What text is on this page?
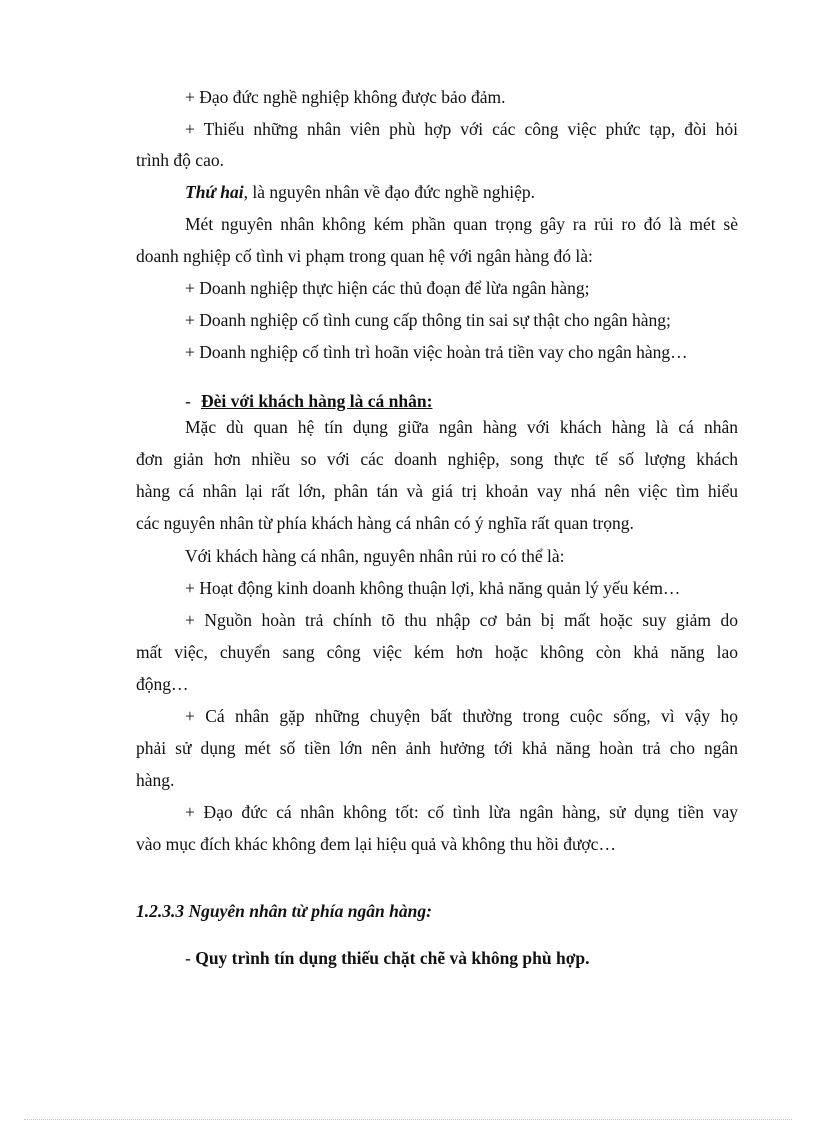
+ Đạo đức nghề nghiệp không được bảo đảm.
+ Thiếu những nhân viên phù hợp với các công việc phức tạp, đòi hỏi
trình độ cao.
Thứ hai, là nguyên nhân về đạo đức nghề nghiệp.
Mét nguyên nhân không kém phần quan trọng gây ra rủi ro đó là mét sè
doanh nghiệp cố tình vi phạm trong quan hệ với ngân hàng đó là:
+ Doanh nghiệp thực hiện các thủ đoạn để lừa ngân hàng;
+ Doanh nghiệp cố tình cung cấp thông tin sai sự thật cho ngân hàng;
+ Doanh nghiệp cố tình trì hoãn việc hoàn trả tiền vay cho ngân hàng…
- Đèi với khách hàng là cá nhân:
Mặc dù quan hệ tín dụng giữa ngân hàng với khách hàng là cá nhân
đơn giản hơn nhiều so với các doanh nghiệp, song thực tế số lượng khách
hàng cá nhân lại rất lớn, phân tán và giá trị khoản vay nhá nên việc tìm hiểu
các nguyên nhân từ phía khách hàng cá nhân có ý nghĩa rất quan trọng.
Với khách hàng cá nhân, nguyên nhân rủi ro có thể là:
+ Hoạt động kinh doanh không thuận lợi, khả năng quản lý yếu kém…
+ Nguồn hoàn trả chính tõ thu nhập cơ bản bị mất hoặc suy giảm do
mất việc, chuyển sang công việc kém hơn hoặc không còn khả năng lao
động…
+ Cá nhân gặp những chuyện bất thường trong cuộc sống, vì vậy họ
phải sử dụng mét số tiền lớn nên ảnh hưởng tới khả năng hoàn trả cho ngân
hàng.
+ Đạo đức cá nhân không tốt: cố tình lừa ngân hàng, sử dụng tiền vay
vào mục đích khác không đem lại hiệu quả và không thu hồi được…
1.2.3.3 Nguyên nhân từ phía ngân hàng:
- Quy trình tín dụng thiếu chặt chẽ và không phù hợp.
